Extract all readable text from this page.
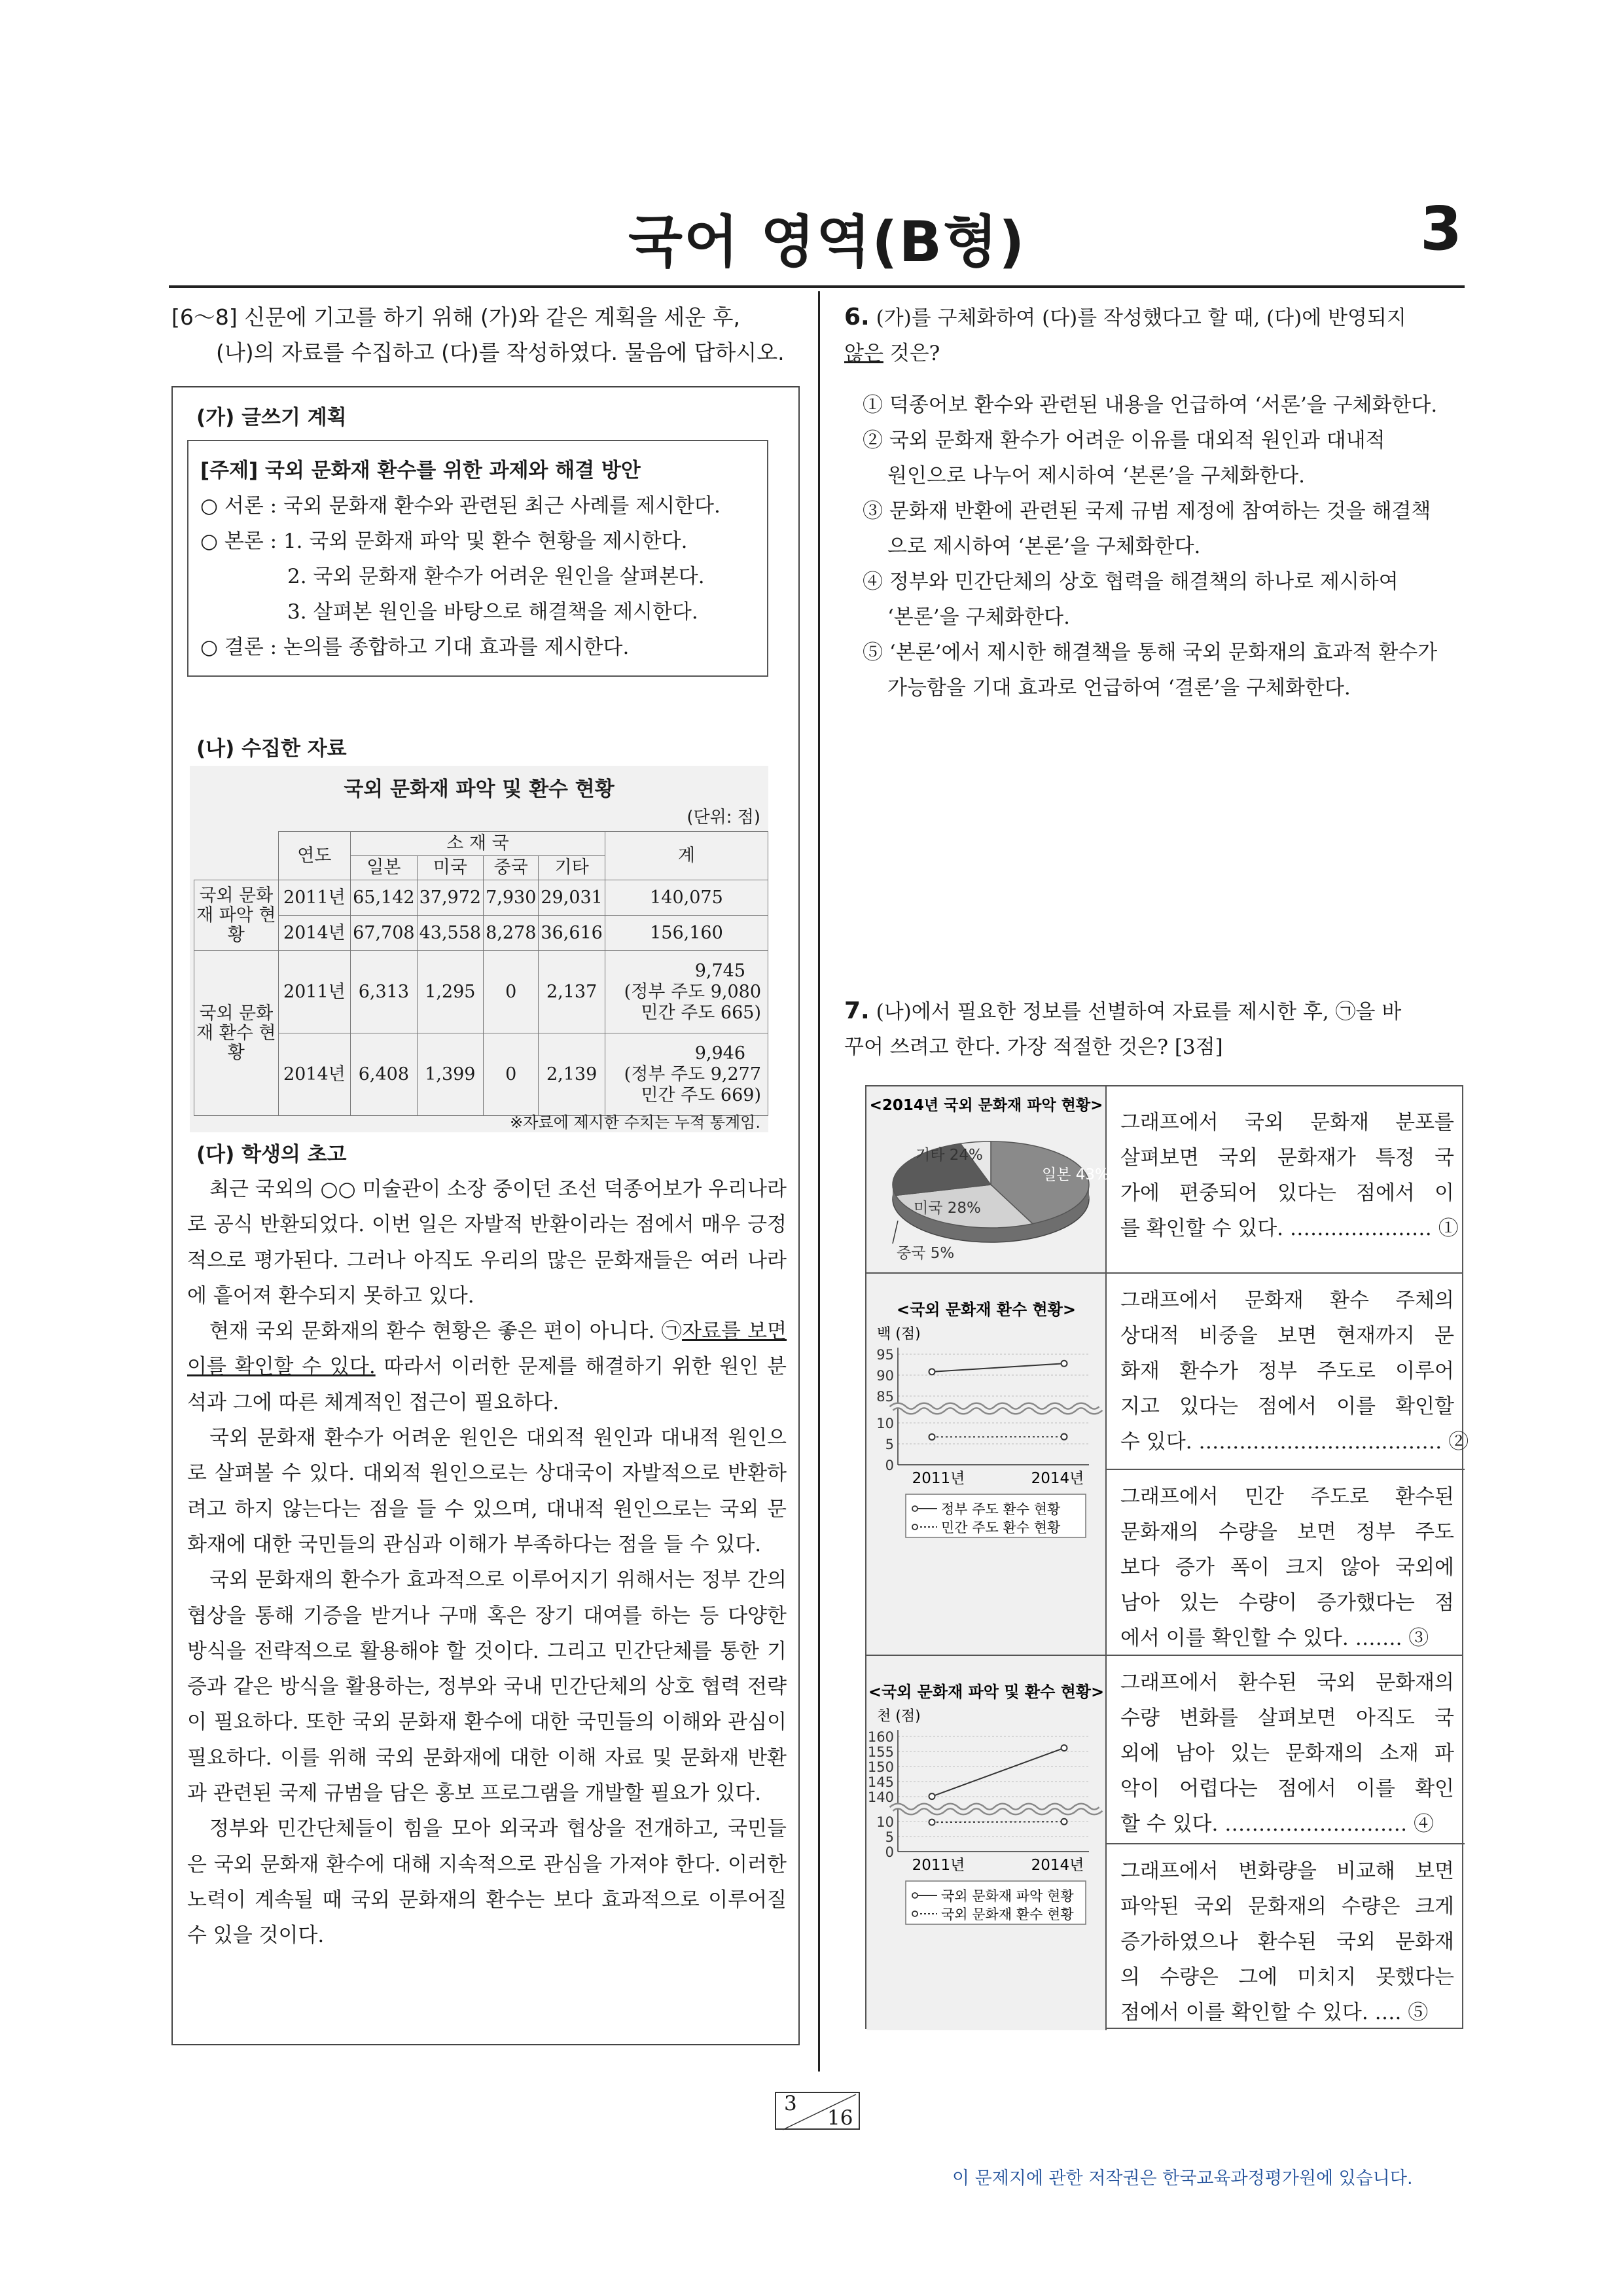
국어 영역(B형)	3
[6～8] 신문에 기고를 하기 위해 (가)와 같은 계획을 세운 후,
(나)의 자료를 수집하고 (다)를 작성하였다. 물음에 답하시오.
(가) 글쓰기 계획
[주제] 국외 문화재 환수를 위한 과제와 해결 방안
○ 서론 : 국외 문화재 환수와 관련된 최근 사례를 제시한다.
○ 본론 : 1. 국외 문화재 파악 및 환수 현황을 제시한다.
2. 국외 문화재 환수가 어려운 원인을 살펴본다.
3. 살펴본 원인을 바탕으로 해결책을 제시한다.
○ 결론 : 논의를 종합하고 기대 효과를 제시한다.
(나) 수집한 자료
국외 문화재 파악 및 환수 현황
(단위: 점)
	연도	소 재 국				계
		일본	미국	중국	기타	
국외 문화재 파악 현황	2011년	65,142	37,972	7,930	29,031	140,075
	2014년	67,708	43,558	8,278	36,616	156,160
국외 문화재 환수 현황	2011년	6,313	1,295	0	2,137	9,745
(정부 주도 9,080
민간 주도 665)

	2014년	6,408	1,399	0	2,139	9,946
(정부 주도 9,277
민간 주도 669)
※자료에 제시한 수치는 누적 통계임.
(다) 학생의 초고

최근 국외의 ○○ 미술관이 소장 중이던 조선 덕종어보가 우리나라로 공식 반환되었다. 이번 일은 자발적 반환이라는 점에서 매우 긍정적으로 평가된다. 그러나 아직도 우리의 많은 문화재들은 여러 나라에 흩어져 환수되지 못하고 있다.

현재 국외 문화재의 환수 현황은 좋은 편이 아니다. ㉠자료를 보면 이를 확인할 수 있다. 따라서 이러한 문제를 해결하기 위한 원인 분석과 그에 따른 체계적인 접근이 필요하다.

국외 문화재 환수가 어려운 원인은 대외적 원인과 대내적 원인으로 살펴볼 수 있다. 대외적 원인으로는 상대국이 자발적으로 반환하려고 하지 않는다는 점을 들 수 있으며, 대내적 원인으로는 국외 문화재에 대한 국민들의 관심과 이해가 부족하다는 점을 들 수 있다.

국외 문화재의 환수가 효과적으로 이루어지기 위해서는 정부 간의 협상을 통해 기증을 받거나 구매 혹은 장기 대여를 하는 등 다양한 방식을 전략적으로 활용해야 할 것이다. 그리고 민간단체를 통한 기증과 같은 방식을 활용하는, 정부와 국내 민간단체의 상호 협력 전략이 필요하다. 또한 국외 문화재 환수에 대한 국민들의 이해와 관심이 필요하다. 이를 위해 국외 문화재에 대한 이해 자료 및 문화재 반환과 관련된 국제 규범을 담은 홍보 프로그램을 개발할 필요가 있다.

정부와 민간단체들이 힘을 모아 외국과 협상을 전개하고, 국민들은 국외 문화재 환수에 대해 지속적으로 관심을 가져야 한다. 이러한 노력이 계속될 때 국외 문화재의 환수는 보다 효과적으로 이루어질 수 있을 것이다.

6. (가)를 구체화하여 (다)를 작성했다고 할 때, (다)에 반영되지
않은 것은?
① 덕종어보 환수와 관련된 내용을 언급하여 ‘서론’을 구체화한다.
② 국외 문화재 환수가 어려운 이유를 대외적 원인과 대내적
원인으로 나누어 제시하여 ‘본론’을 구체화한다.
③ 문화재 반환에 관련된 국제 규범 제정에 참여하는 것을 해결책
으로 제시하여 ‘본론’을 구체화한다.
④ 정부와 민간단체의 상호 협력을 해결책의 하나로 제시하여
‘본론’을 구체화한다.
⑤ ‘본론’에서 제시한 해결책을 통해 국외 문화재의 효과적 환수가
가능함을 기대 효과로 언급하여 ‘결론’을 구체화한다.
7. (나)에서 필요한 정보를 선별하여 자료를 제시한 후, ㉠을 바
꾸어 쓰려고 한다. 가장 적절한 것은? [3점]
<2014년 국외 문화재 파악 현황>
일본 43%
미국 28%
기타 24%
중국 5%
<국외 문화재 환수 현황>
백 (점)
95
90
85
10
5
0
2011년	2014년
정부 주도 환수 현황
민간 주도 환수 현황
<국외 문화재 파악 및 환수 현황>
천 (점)
160
155
150
145
140
10
5
0
2011년	2014년
국외 문화재 파악 현황
국외 문화재 환수 현황
그래프에서 국외 문화재 분포를
살펴보면 국외 문화재가 특정 국
가에 편중되어 있다는 점에서 이
를 확인할 수 있다. ………………… ①
그래프에서 문화재 환수 주체의
상대적 비중을 보면 현재까지 문
화재 환수가 정부 주도로 이루어
지고 있다는 점에서 이를 확인할
수 있다. ……………………………… ②
그래프에서 민간 주도로 환수된
문화재의 수량을 보면 정부 주도
보다 증가 폭이 크지 않아 국외에
남아 있는 수량이 증가했다는 점
에서 이를 확인할 수 있다. ……. ③
그래프에서 환수된 국외 문화재의
수량 변화를 살펴보면 아직도 국
외에 남아 있는 문화재의 소재 파
악이 어렵다는 점에서 이를 확인
할 수 있다. ……………………… ④
그래프에서 변화량을 비교해 보면
파악된 국외 문화재의 수량은 크게
증가하였으나 환수된 국외 문화재
의 수량은 그에 미치지 못했다는
점에서 이를 확인할 수 있다. …. ⑤
3
16
이 문제지에 관한 저작권은 한국교육과정평가원에 있습니다.
